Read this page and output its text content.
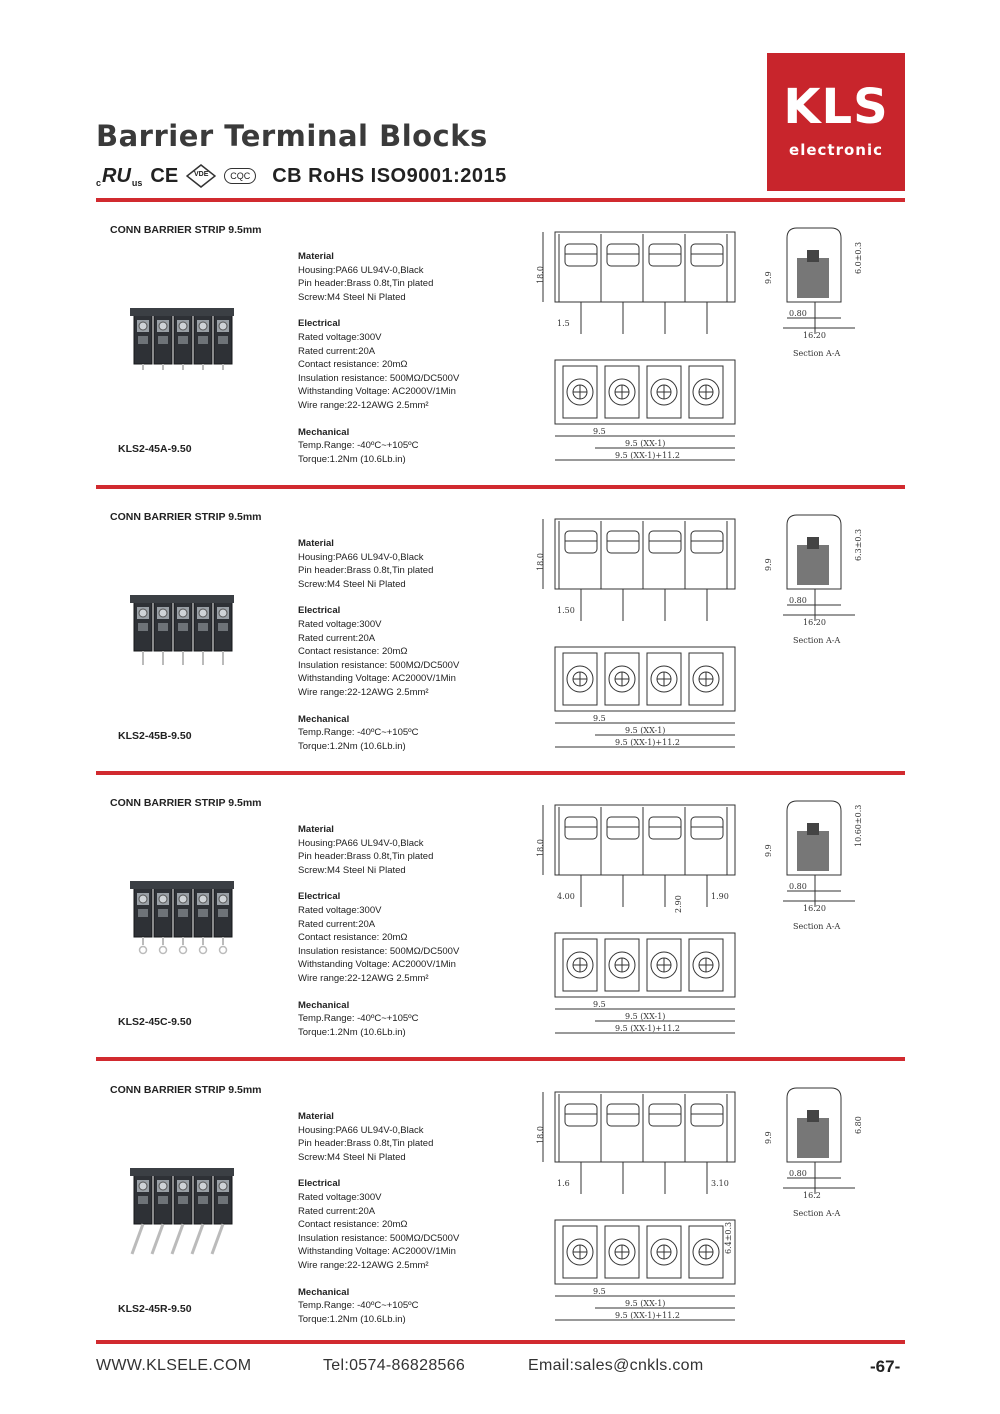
Barrier Terminal Blocks
c RU us CE	VDE	CQC	CB RoHS ISO9001:2015
KLS
electronic
CONN BARRIER STRIP 9.5mm
Material
Housing:PA66 UL94V-0,Black
Pin header:Brass 0.8t,Tin plated
Screw:M4 Steel Ni Plated
Electrical
Rated voltage:300V
Rated current:20A
Contact resistance: 20mΩ
Insulation resistance: 500MΩ/DC500V
Withstanding Voltage: AC2000V/1Min
Wire range:22-12AWG 2.5mm²
Mechanical
Temp.Range: -40ºC~+105ºC
Torque:1.2Nm (10.6Lb.in)
KLS2-45A-9.50
18.0
1.5
9.5
9.5 (XX-1)
9.5 (XX-1)+11.2
9.9
6.0±0.3
0.80
16.20
Section A-A
CONN BARRIER STRIP 9.5mm
Material
Housing:PA66 UL94V-0,Black
Pin header:Brass 0.8t,Tin plated
Screw:M4 Steel Ni Plated
Electrical
Rated voltage:300V
Rated current:20A
Contact resistance: 20mΩ
Insulation resistance: 500MΩ/DC500V
Withstanding Voltage: AC2000V/1Min
Wire range:22-12AWG 2.5mm²
Mechanical
Temp.Range: -40ºC~+105ºC
Torque:1.2Nm (10.6Lb.in)
KLS2-45B-9.50
18.0
1.50
9.5
9.5 (XX-1)
9.5 (XX-1)+11.2
9.9
6.3±0.3
0.80
16.20
Section A-A
CONN BARRIER STRIP 9.5mm
Material
Housing:PA66 UL94V-0,Black
Pin header:Brass 0.8t,Tin plated
Screw:M4 Steel Ni Plated
Electrical
Rated voltage:300V
Rated current:20A
Contact resistance: 20mΩ
Insulation resistance: 500MΩ/DC500V
Withstanding Voltage: AC2000V/1Min
Wire range:22-12AWG 2.5mm²
Mechanical
Temp.Range: -40ºC~+105ºC
Torque:1.2Nm (10.6Lb.in)
KLS2-45C-9.50
18.0
4.00	2.90	1.90
9.5
9.5 (XX-1)
9.5 (XX-1)+11.2
9.9
10.60±0.3
0.80
16.20
Section A-A
CONN BARRIER STRIP 9.5mm
Material
Housing:PA66 UL94V-0,Black
Pin header:Brass 0.8t,Tin plated
Screw:M4 Steel Ni Plated
Electrical
Rated voltage:300V
Rated current:20A
Contact resistance: 20mΩ
Insulation resistance: 500MΩ/DC500V
Withstanding Voltage: AC2000V/1Min
Wire range:22-12AWG 2.5mm²
Mechanical
Temp.Range: -40ºC~+105ºC
Torque:1.2Nm (10.6Lb.in)
KLS2-45R-9.50
18.0
1.6	3.10
9.5
9.5 (XX-1)
9.5 (XX-1)+11.2
6.4±0.3
9.9
6.80
0.80
16.2
Section A-A
WWW.KLSELE.COM	Tel:0574-86828566	Email:sales@cnkls.com	-67-
